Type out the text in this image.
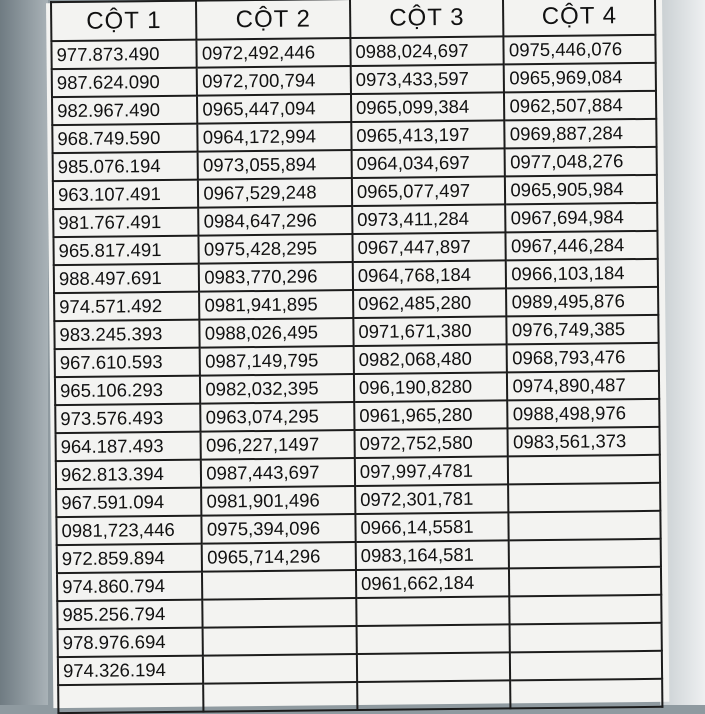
CỘT 1	CỘT 2	CỘT 3	CỘT 4
977.873.490	0972,492,446	0988,024,697	0975,446,076
987.624.090	0972,700,794	0973,433,597	0965,969,084
982.967.490	0965,447,094	0965,099,384	0962,507,884
968.749.590	0964,172,994	0965,413,197	0969,887,284
985.076.194	0973,055,894	0964,034,697	0977,048,276
963.107.491	0967,529,248	0965,077,497	0965,905,984
981.767.491	0984,647,296	0973,411,284	0967,694,984
965.817.491	0975,428,295	0967,447,897	0967,446,284
988.497.691	0983,770,296	0964,768,184	0966,103,184
974.571.492	0981,941,895	0962,485,280	0989,495,876
983.245.393	0988,026,495	0971,671,380	0976,749,385
967.610.593	0987,149,795	0982,068,480	0968,793,476
965.106.293	0982,032,395	096,190,8280	0974,890,487
973.576.493	0963,074,295	0961,965,280	0988,498,976
964.187.493	096,227,1497	0972,752,580	0983,561,373
962.813.394	0987,443,697	097,997,4781	
967.591.094	0981,901,496	0972,301,781	
0981,723,446	0975,394,096	0966,14,5581	
972.859.894	0965,714,296	0983,164,581	
974.860.794		0961,662,184	
985.256.794			
978.976.694			
974.326.194			
